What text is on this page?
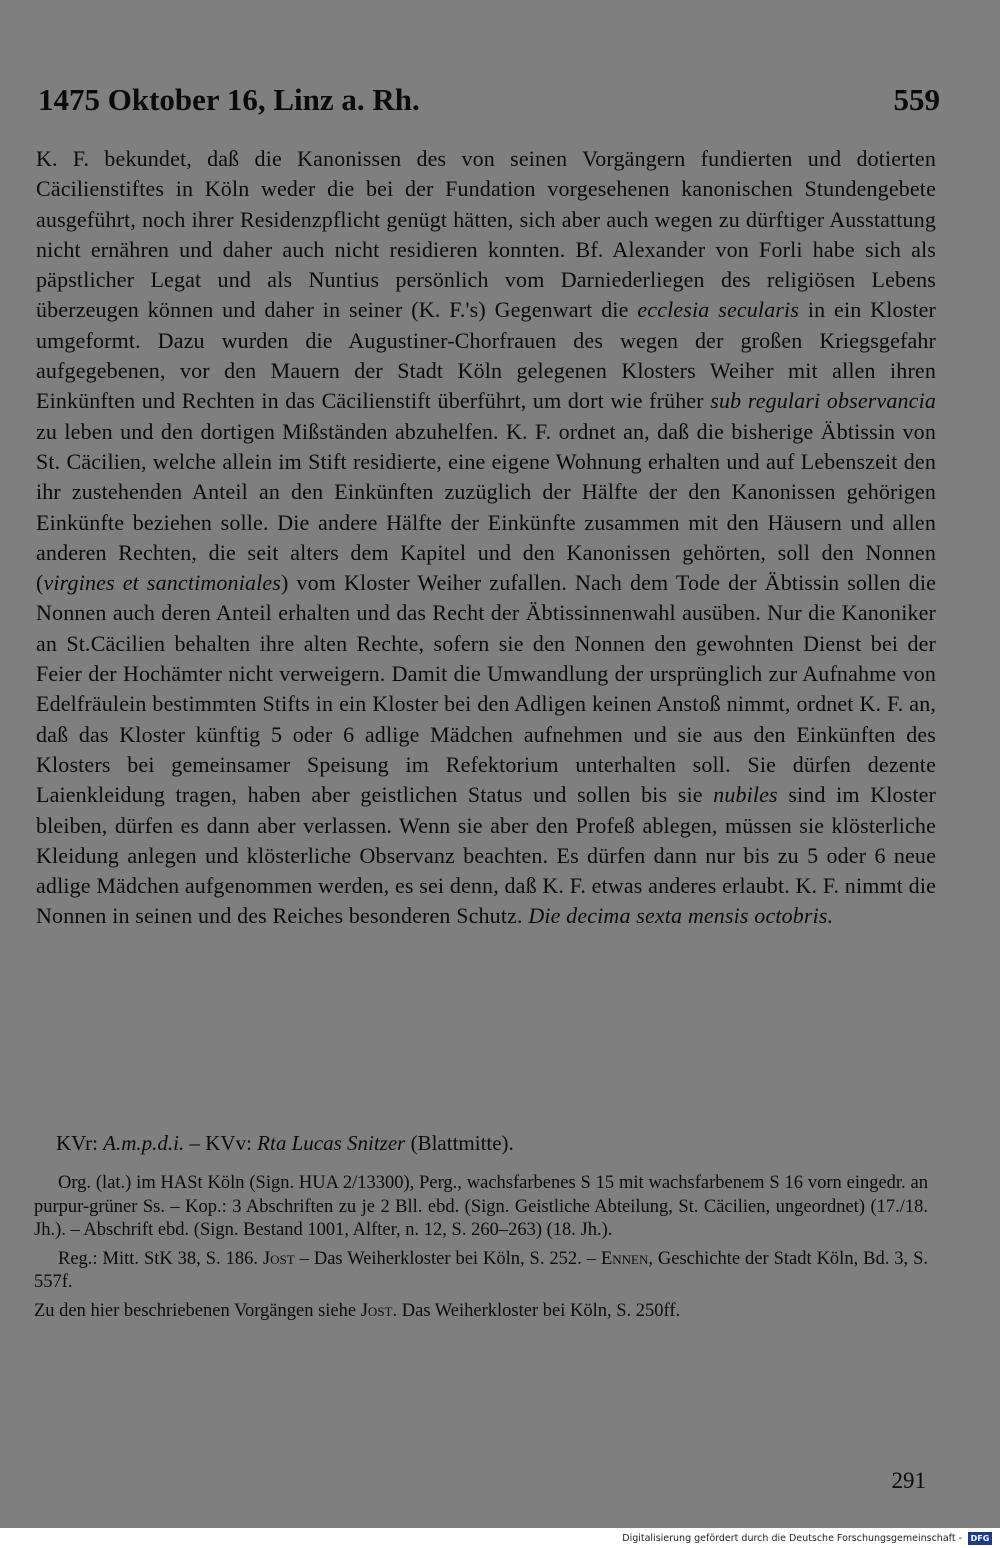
1475 Oktober 16, Linz a. Rh.	559

K. F. bekundet, daß die Kanonissen des von seinen Vorgängern fundierten und dotierten Cäcilienstiftes in Köln weder die bei der Fundation vorgesehenen kanonischen Stundengebete ausgeführt, noch ihrer Residenzpflicht genügt hätten, sich aber auch wegen zu dürftiger Ausstattung nicht ernähren und daher auch nicht residieren konnten. Bf. Alexander von Forli habe sich als päpstlicher Legat und als Nuntius persönlich vom Darniederliegen des religiösen Lebens überzeugen können und daher in seiner (K. F.'s) Gegenwart die ecclesia secularis in ein Kloster umgeformt. Dazu wurden die Augustiner-Chorfrauen des wegen der großen Kriegsgefahr aufgegebenen, vor den Mauern der Stadt Köln gelegenen Klosters Weiher mit allen ihren Einkünften und Rechten in das Cäcilienstift überführt, um dort wie früher sub regulari observancia zu leben und den dortigen Mißständen abzuhelfen. K. F. ordnet an, daß die bisherige Äbtissin von St. Cäcilien, welche allein im Stift residierte, eine eigene Wohnung erhalten und auf Lebenszeit den ihr zustehenden Anteil an den Einkünften zuzüglich der Hälfte der den Kanonissen gehörigen Einkünfte beziehen solle. Die andere Hälfte der Einkünfte zusammen mit den Häusern und allen anderen Rechten, die seit alters dem Kapitel und den Kanonissen gehörten, soll den Nonnen (virgines et sanctimoniales) vom Kloster Weiher zufallen. Nach dem Tode der Äbtissin sollen die Nonnen auch deren Anteil erhalten und das Recht der Äbtissinnenwahl ausüben. Nur die Kanoniker an St.Cäcilien behalten ihre alten Rechte, sofern sie den Nonnen den gewohnten Dienst bei der Feier der Hochämter nicht verweigern. Damit die Umwandlung der ursprünglich zur Aufnahme von Edelfräulein bestimmten Stifts in ein Kloster bei den Adligen keinen Anstoß nimmt, ordnet K. F. an, daß das Kloster künftig 5 oder 6 adlige Mädchen aufnehmen und sie aus den Einkünften des Klosters bei gemeinsamer Speisung im Refektorium unterhalten soll. Sie dürfen dezente Laienkleidung tragen, haben aber geistlichen Status und sollen bis sie nubiles sind im Kloster bleiben, dürfen es dann aber verlassen. Wenn sie aber den Profeß ablegen, müssen sie klösterliche Kleidung anlegen und klösterliche Observanz beachten. Es dürfen dann nur bis zu 5 oder 6 neue adlige Mädchen aufgenommen werden, es sei denn, daß K. F. etwas anderes erlaubt. K. F. nimmt die Nonnen in seinen und des Reiches besonderen Schutz. Die decima sexta mensis octobris.

KVr: A.m.p.d.i. – KVv: Rta Lucas Snitzer (Blattmitte).

Org. (lat.) im HASt Köln (Sign. HUA 2/13300), Perg., wachsfarbenes S 15 mit wachsfarbenem S 16 vorn eingedr. an purpur-grüner Ss. – Kop.: 3 Abschriften zu je 2 Bll. ebd. (Sign. Geistliche Abteilung, St. Cäcilien, ungeordnet) (17./18. Jh.). – Abschrift ebd. (Sign. Bestand 1001, Alfter, n. 12, S. 260–263) (18. Jh.).

Reg.: Mitt. StK 38, S. 186. Jost – Das Weiherkloster bei Köln, S. 252. – Ennen, Geschichte der Stadt Köln, Bd. 3, S. 557f.

Zu den hier beschriebenen Vorgängen siehe Jost. Das Weiherkloster bei Köln, S. 250ff.

291
Digitalisierung gefördert durch die Deutsche Forschungsgemeinschaft -	DFG
